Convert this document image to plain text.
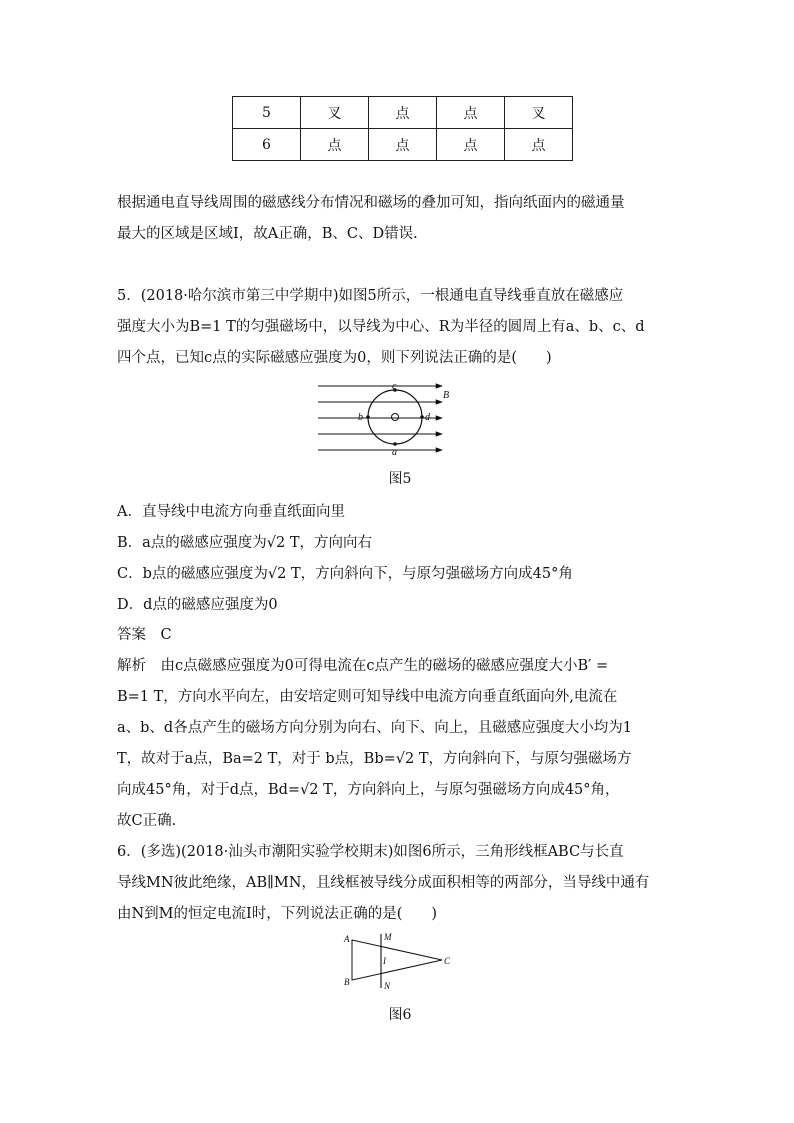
5	叉	点	点	叉
6	点	点	点	点
根据通电直导线周围的磁感线分布情况和磁场的叠加可知，指向纸面内的磁通量
最大的区域是区域Ⅰ，故A正确，B、C、D错误.
5．(2018·哈尔滨市第三中学期中)如图5所示，一根通电直导线垂直放在磁感应
强度大小为B=1 T的匀强磁场中，以导线为中心、R为半径的圆周上有a、b、c、d
四个点，已知c点的实际磁感应强度为0，则下列说法正确的是(　　)
c
b	d
a
B
图5
A．直导线中电流方向垂直纸面向里
B．a点的磁感应强度为√2 T，方向向右
C．b点的磁感应强度为√2 T，方向斜向下，与原匀强磁场方向成45°角
D．d点的磁感应强度为0
答案　C
解析　由c点磁感应强度为0可得电流在c点产生的磁场的磁感应强度大小B′ =
B=1 T，方向水平向左，由安培定则可知导线中电流方向垂直纸面向外,电流在
a、b、d各点产生的磁场方向分别为向右、向下、向上，且磁感应强度大小均为1
T，故对于a点，Ba=2 T，对于 b点，Bb=√2 T，方向斜向下，与原匀强磁场方
向成45°角，对于d点，Bd=√2 T，方向斜向上，与原匀强磁场方向成45°角，
故C正确.
6．(多选)(2018·汕头市潮阳实验学校期末)如图6所示，三角形线框ABC与长直
导线MN彼此绝缘，AB∥MN，且线框被导线分成面积相等的两部分，当导线中通有
由N到M的恒定电流I时，下列说法正确的是(　　)
A
B
C
M
N
I
图6
